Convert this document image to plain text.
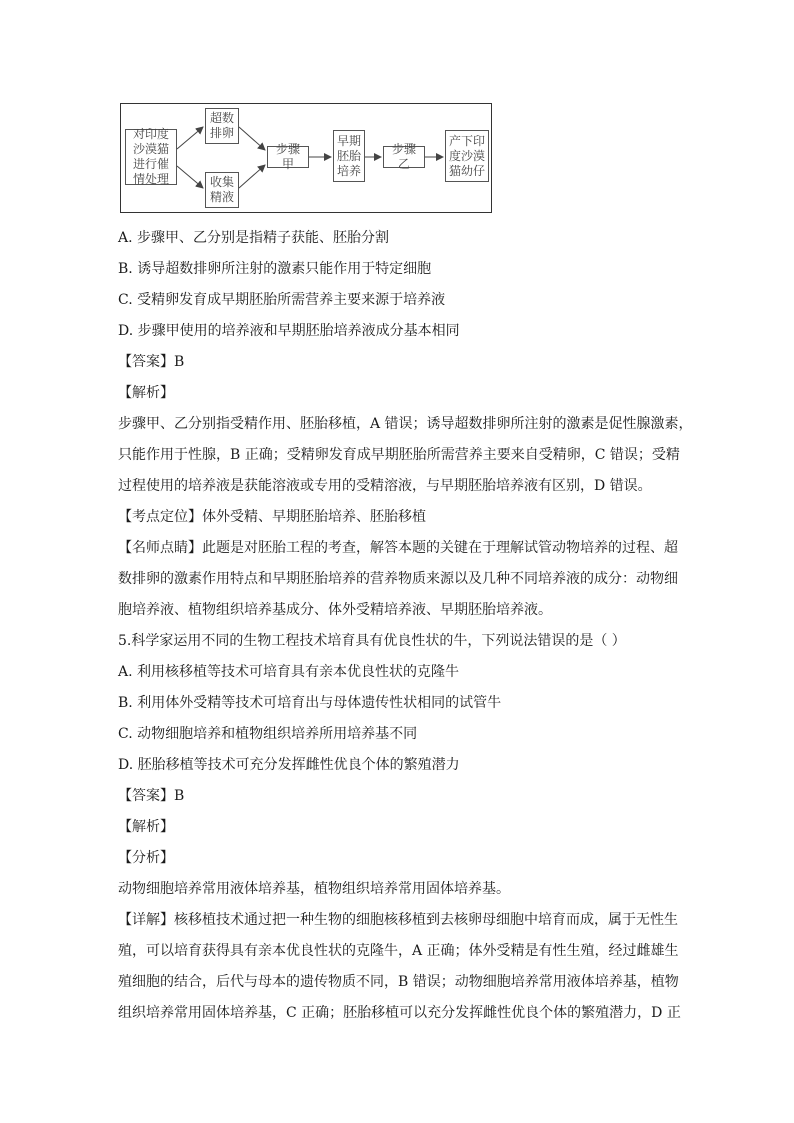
对印度沙漠猫进行催情处理
超数排卵
收集精液
步骤甲
早期胚胎培养
步骤乙
产下印度沙漠猫幼仔
A. 步骤甲、乙分别是指精子获能、胚胎分割
B. 诱导超数排卵所注射的激素只能作用于特定细胞
C. 受精卵发育成早期胚胎所需营养主要来源于培养液
D. 步骤甲使用的培养液和早期胚胎培养液成分基本相同
【答案】B
【解析】
步骤甲、乙分别指受精作用、胚胎移植，A 错误；诱导超数排卵所注射的激素是促性腺激素，
只能作用于性腺，B 正确；受精卵发育成早期胚胎所需营养主要来自受精卵，C 错误；受精
过程使用的培养液是获能溶液或专用的受精溶液，与早期胚胎培养液有区别，D 错误。
【考点定位】体外受精、早期胚胎培养、胚胎移植
【名师点睛】此题是对胚胎工程的考查，解答本题的关键在于理解试管动物培养的过程、超
数排卵的激素作用特点和早期胚胎培养的营养物质来源以及几种不同培养液的成分：动物细
胞培养液、植物组织培养基成分、体外受精培养液、早期胚胎培养液。
5.科学家运用不同的生物工程技术培育具有优良性状的牛，下列说法错误的是（ ）
A. 利用核移植等技术可培育具有亲本优良性状的克隆牛
B. 利用体外受精等技术可培育出与母体遗传性状相同的试管牛
C. 动物细胞培养和植物组织培养所用培养基不同
D. 胚胎移植等技术可充分发挥雌性优良个体的繁殖潜力
【答案】B
【解析】
【分析】
动物细胞培养常用液体培养基，植物组织培养常用固体培养基。
【详解】核移植技术通过把一种生物的细胞核移植到去核卵母细胞中培育而成，属于无性生
殖，可以培育获得具有亲本优良性状的克隆牛，A 正确；体外受精是有性生殖，经过雌雄生
殖细胞的结合，后代与母本的遗传物质不同，B 错误；动物细胞培养常用液体培养基，植物
组织培养常用固体培养基，C 正确；胚胎移植可以充分发挥雌性优良个体的繁殖潜力，D 正
